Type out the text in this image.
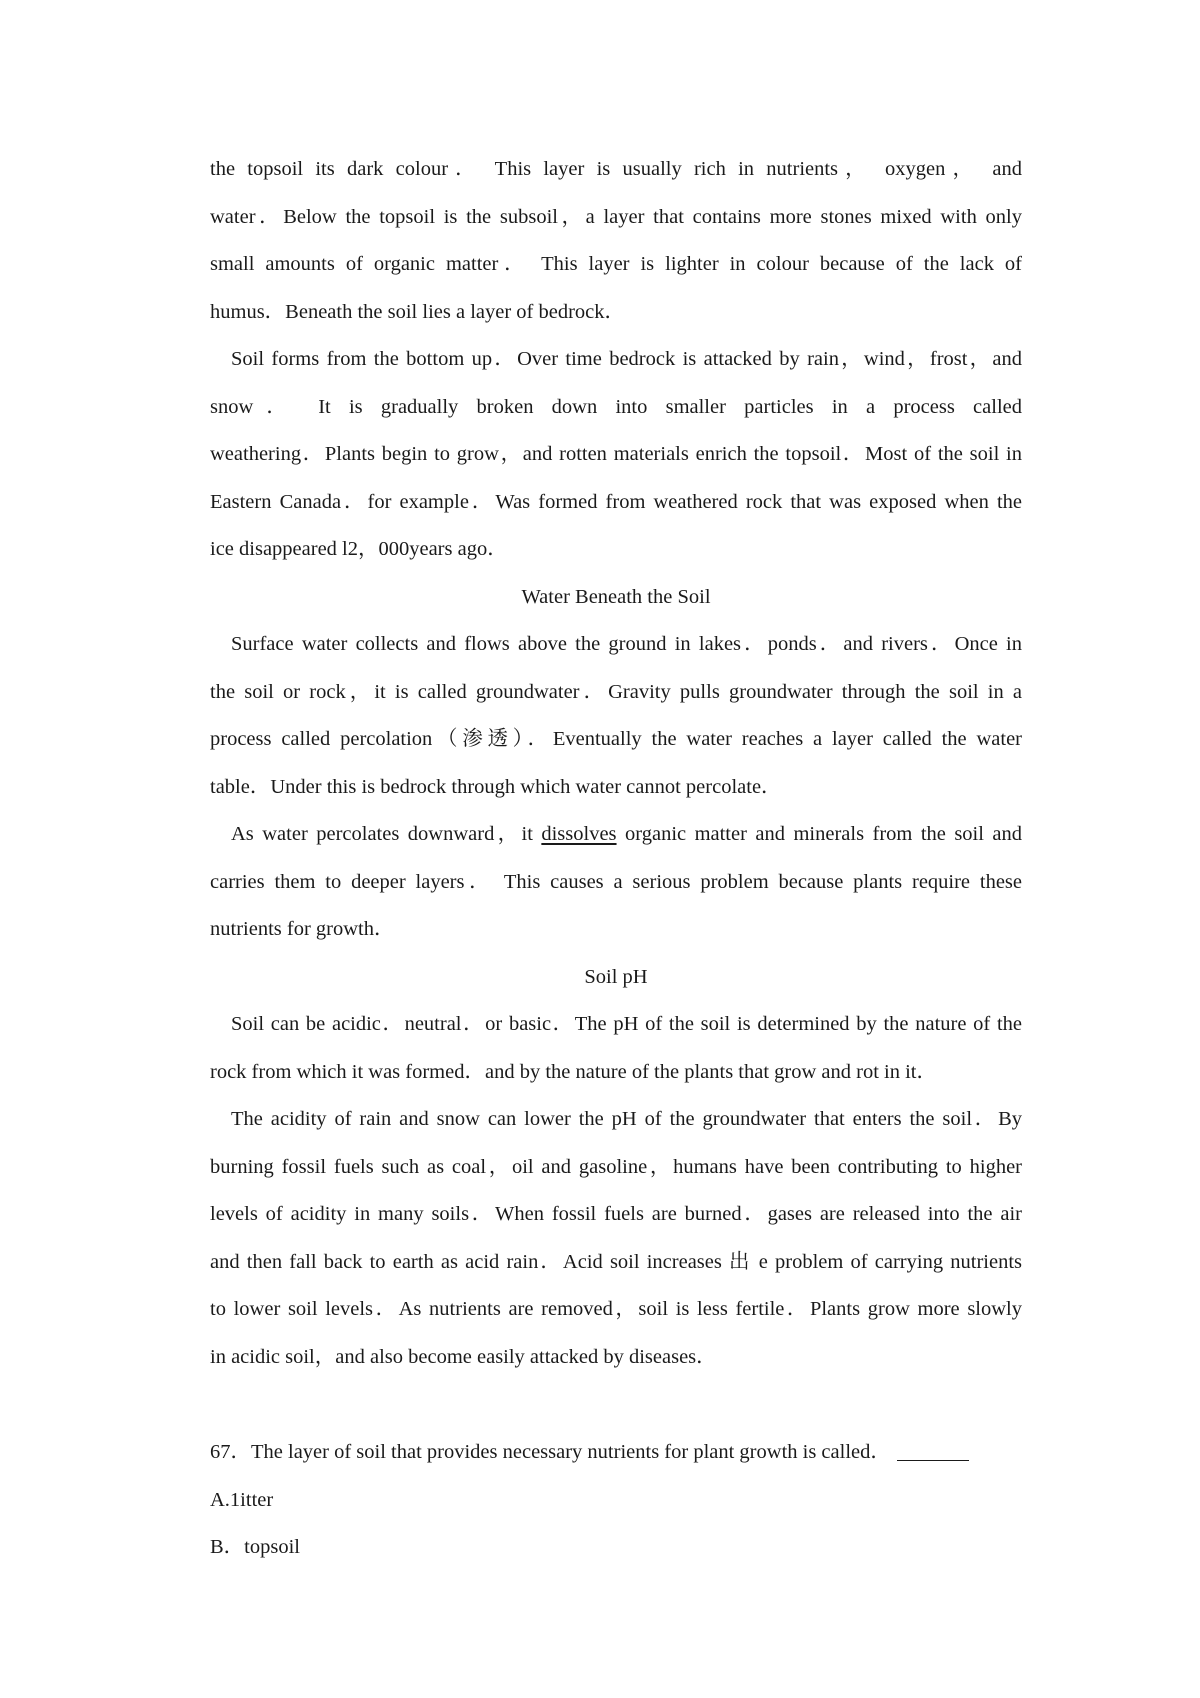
the topsoil its dark colour． This layer is usually rich in nutrients， oxygen， and
water．Below the topsoil is the subsoil，a layer that contains more stones mixed with only
small amounts of organic matter． This layer is lighter in colour because of the lack of
humus．Beneath the soil lies a layer of bedrock．
Soil forms from the bottom up．Over time bedrock is attacked by rain，wind，frost，and
snow． It is gradually broken down into smaller particles in a process called
weathering．Plants begin to grow，and rotten materials enrich the topsoil．Most of the soil in
Eastern Canada．for example．Was formed from weathered rock that was exposed when the
ice disappeared l2，000years ago．
Water Beneath the Soil
Surface water collects and flows above the ground in lakes．ponds．and rivers．Once in
the soil or rock，it is called groundwater．Gravity pulls groundwater through the soil in a
process called percolation（渗透）．Eventually the water reaches a layer called the water
table．Under this is bedrock through which water cannot percolate．
As water percolates downward，it dissolves organic matter and minerals from the soil and
carries them to deeper layers． This causes a serious problem because plants require these
nutrients for growth．
Soil pH
Soil can be acidic．neutral．or basic．The pH of the soil is determined by the nature of the
rock from which it was formed．and by the nature of the plants that grow and rot in it．
The acidity of rain and snow can lower the pH of the groundwater that enters the soil．By
burning fossil fuels such as coal，oil and gasoline，humans have been contributing to higher
levels of acidity in many soils．When fossil fuels are burned．gases are released into the air
and then fall back to earth as acid rain．Acid soil increases 出 e problem of carrying nutrients
to lower soil levels．As nutrients are removed，soil is less fertile．Plants grow more slowly
in acidic soil，and also become easily attacked by diseases．
67．The layer of soil that provides necessary nutrients for plant growth is called．
A.1itter
B．topsoil
